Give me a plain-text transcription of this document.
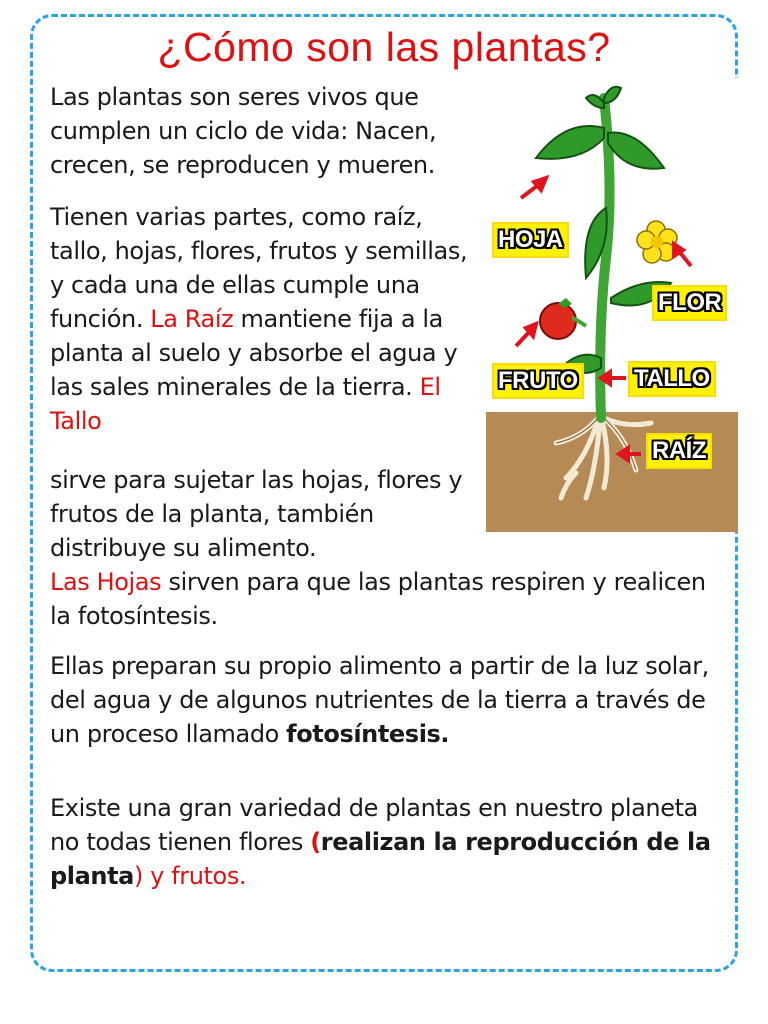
¿Cómo son las plantas?

Las plantas son seres vivos que cumplen un ciclo de vida: Nacen, crecen, se reproducen y mueren.

Tienen varias partes, como raíz, tallo, hojas, flores, frutos y semillas, y cada una de ellas cumple una función. La Raíz mantiene fija a la planta al suelo y absorbe el agua y las sales minerales de la tierra. El Tallo

sirve para sujetar las hojas, flores y frutos de la planta, también distribuye su alimento.
Las Hojas sirven para que las plantas respiren y realicen la fotosíntesis.

Ellas preparan su propio alimento a partir de la luz solar, del agua y de algunos nutrientes de la tierra a través de un proceso llamado fotosíntesis.

Existe una gran variedad de plantas en nuestro planeta no todas tienen flores (realizan la reproducción de la planta) y frutos.

HOJA
FLOR
FRUTO TALLO
RAÍZ
